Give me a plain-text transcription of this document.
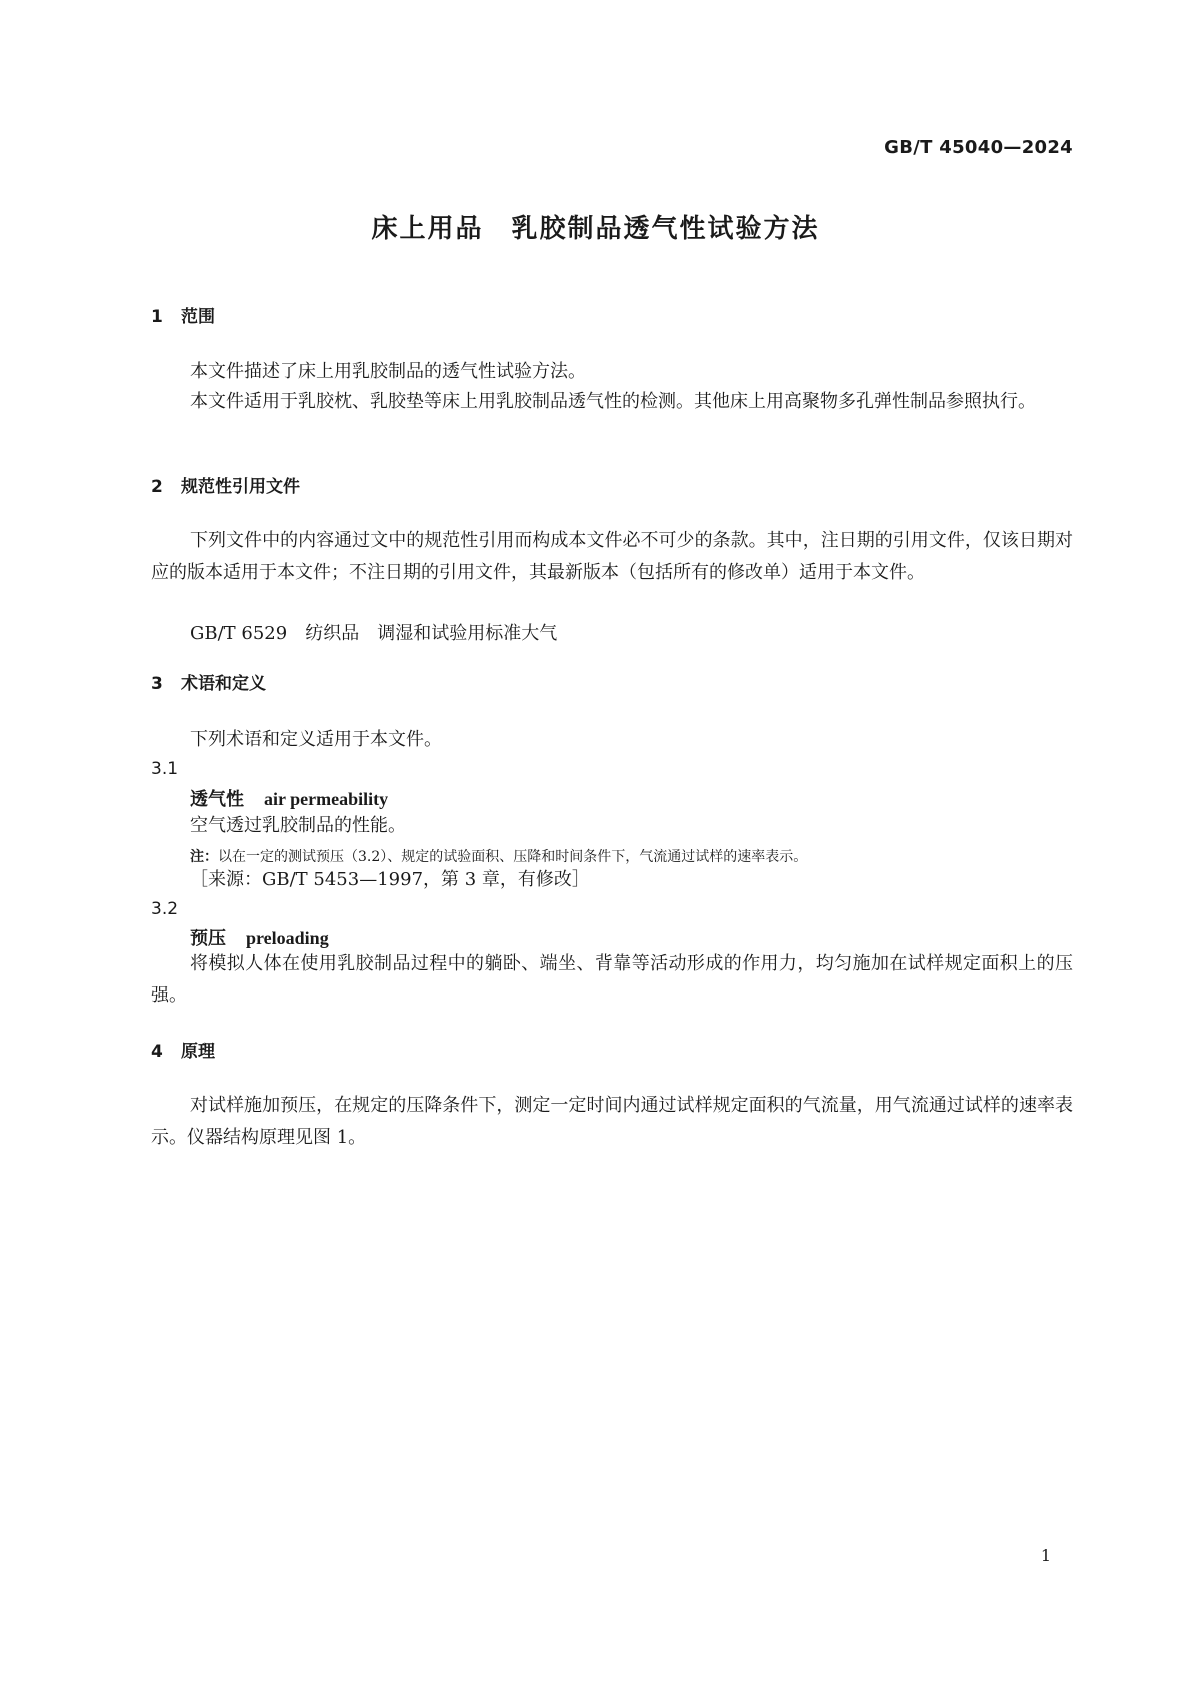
GB/T 45040—2024
床上用品　乳胶制品透气性试验方法
1 范围
本文件描述了床上用乳胶制品的透气性试验方法。
本文件适用于乳胶枕、乳胶垫等床上用乳胶制品透气性的检测。其他床上用高聚物多孔弹性制品参照执行。
2 规范性引用文件
下列文件中的内容通过文中的规范性引用而构成本文件必不可少的条款。其中，注日期的引用文件，仅该日期对应的版本适用于本文件；不注日期的引用文件，其最新版本（包括所有的修改单）适用于本文件。
GB/T 6529　纺织品　调湿和试验用标准大气
3 术语和定义
下列术语和定义适用于本文件。
3.1
透气性 air permeability
空气透过乳胶制品的性能。
注：以在一定的测试预压（3.2）、规定的试验面积、压降和时间条件下，气流通过试样的速率表示。
［来源：GB/T 5453—1997，第 3 章，有修改］
3.2
预压 preloading
将模拟人体在使用乳胶制品过程中的躺卧、端坐、背靠等活动形成的作用力，均匀施加在试样规定面积上的压强。
4 原理
对试样施加预压，在规定的压降条件下，测定一定时间内通过试样规定面积的气流量，用气流通过试样的速率表示。仪器结构原理见图 1。
1
